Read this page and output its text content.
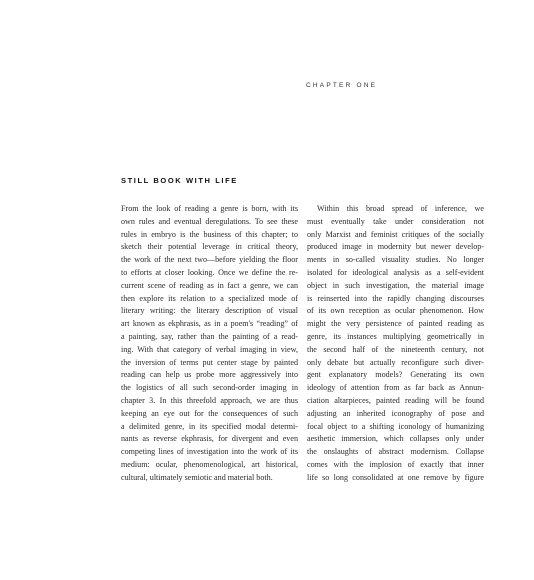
CHAPTER ONE
STILL BOOK WITH LIFE
From the look of reading a genre is born, with its
own rules and eventual deregulations. To see these
rules in embryo is the business of this chapter; to
sketch their potential leverage in critical theory,
the work of the next two—before yielding the floor
to efforts at closer looking. Once we define the re-
current scene of reading as in fact a genre, we can
then explore its relation to a specialized mode of
literary writing: the literary description of visual
art known as ekphrasis, as in a poem's “reading” of
a painting, say, rather than the painting of a read-
ing. With that category of verbal imaging in view,
the inversion of terms put center stage by painted
reading can help us probe more aggressively into
the logistics of all such second-order imaging in
chapter 3. In this threefold approach, we are thus
keeping an eye out for the consequences of such
a delimited genre, in its specified modal determi-
nants as reverse ekphrasis, for divergent and even
competing lines of investigation into the work of its
medium: ocular, phenomenological, art historical,
cultural, ultimately semiotic and material both.
Within this broad spread of inference, we
must eventually take under consideration not
only Marxist and feminist critiques of the socially
produced image in modernity but newer develop-
ments in so-called visuality studies. No longer
isolated for ideological analysis as a self-evident
object in such investigation, the material image
is reinserted into the rapidly changing discourses
of its own reception as ocular phenomenon. How
might the very persistence of painted reading as
genre, its instances multiplying geometrically in
the second half of the nineteenth century, not
only debate but actually reconfigure such diver-
gent explanatory models? Generating its own
ideology of attention from as far back as Annun-
ciation altarpieces, painted reading will be found
adjusting an inherited iconography of pose and
focal object to a shifting iconology of humanizing
aesthetic immersion, which collapses only under
the onslaughts of abstract modernism. Collapse
comes with the implosion of exactly that inner
life so long consolidated at one remove by figure
